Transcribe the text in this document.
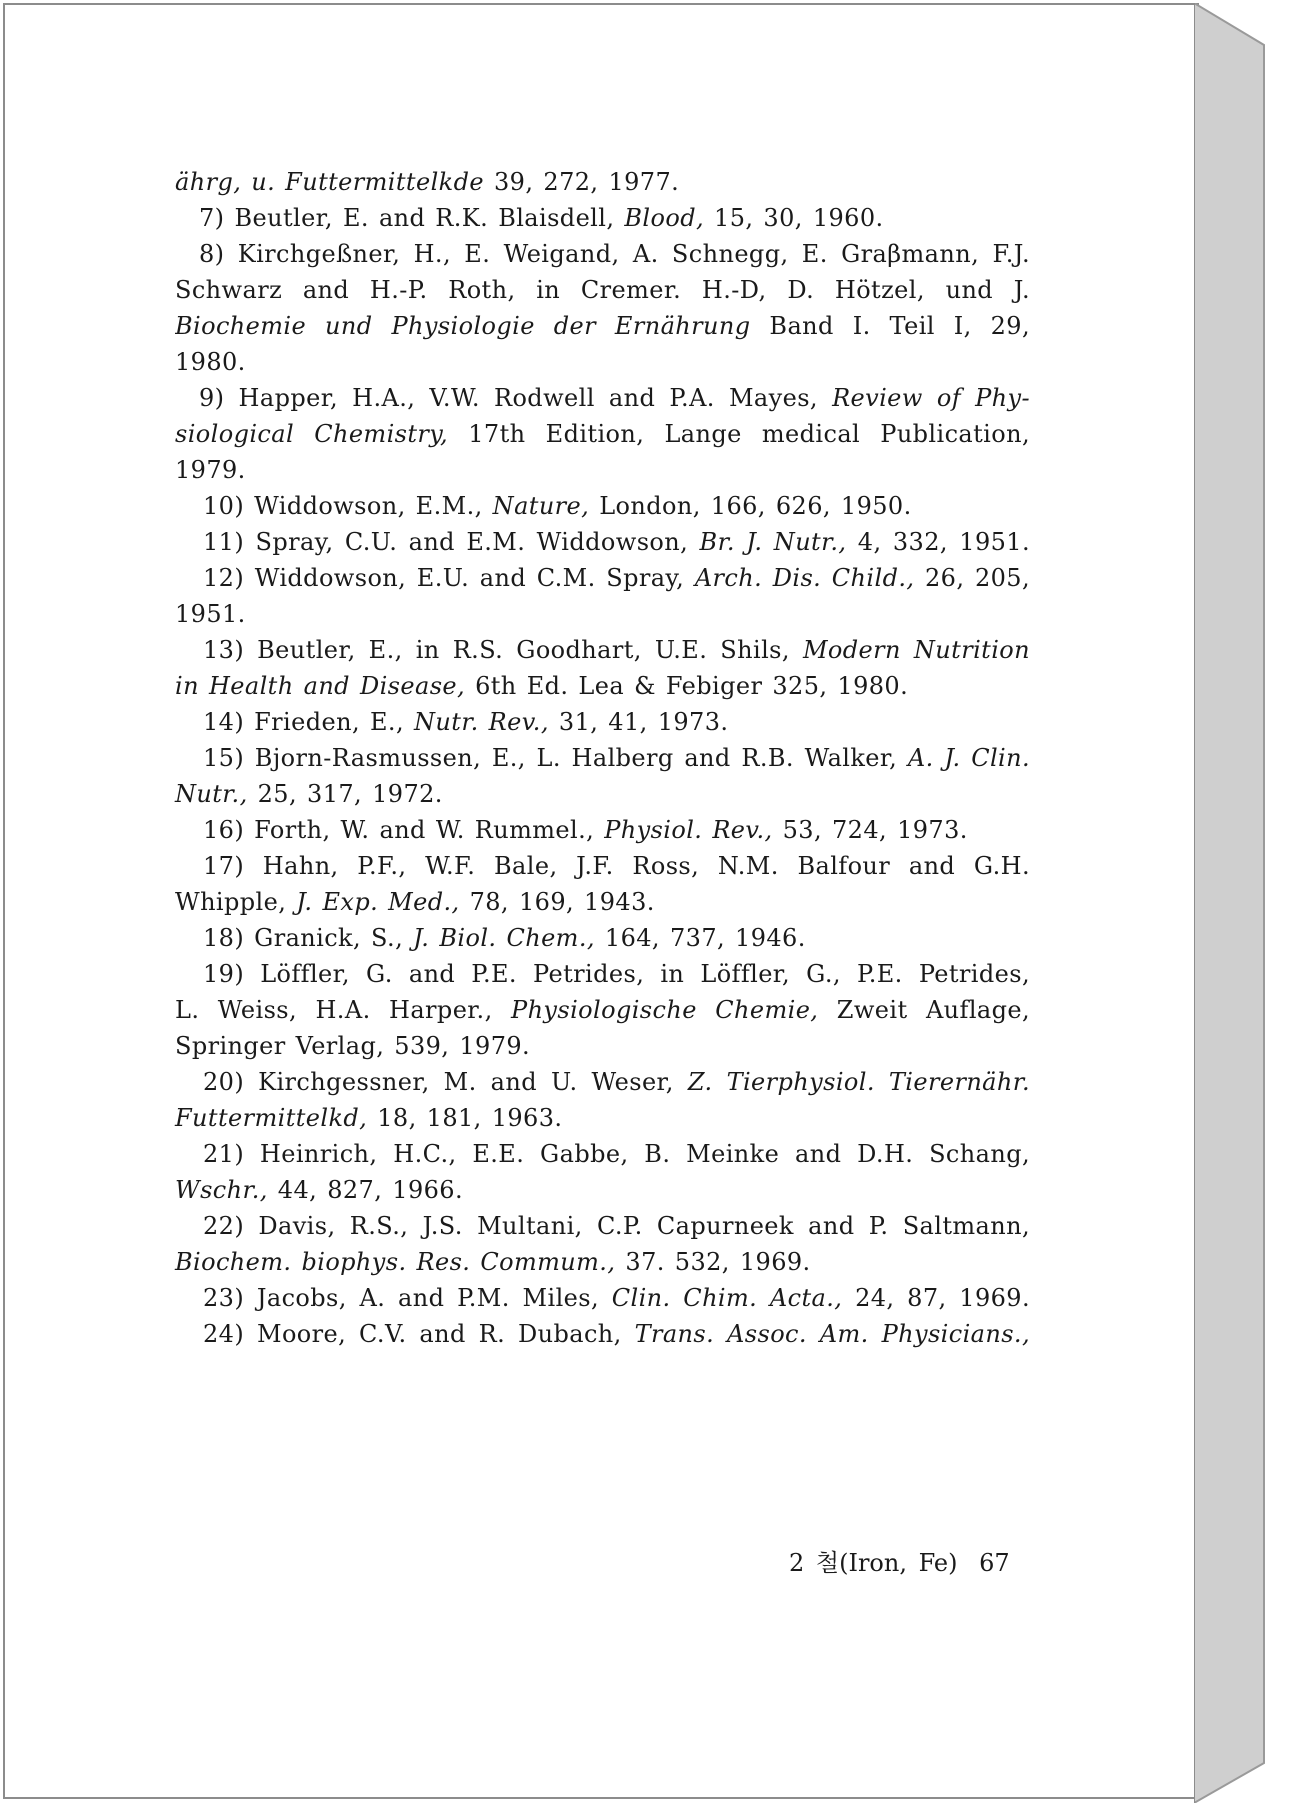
ährg, u. Futtermittelkde 39, 272, 1977.
7) Beutler, E. and R.K. Blaisdell, Blood, 15, 30, 1960.
8) Kirchgeßner, H., E. Weigand, A. Schnegg, E. Graβmann, F.J.
Schwarz and H.-P. Roth, in Cremer. H.-D, D. Hötzel, und J.
Biochemie und Physiologie der Ernährung Band I. Teil I, 29,
1980.
9) Happer, H.A., V.W. Rodwell and P.A. Mayes, Review of Phy-
siological Chemistry, 17th Edition, Lange medical Publication,
1979.
10) Widdowson, E.M., Nature, London, 166, 626, 1950.
11) Spray, C.U. and E.M. Widdowson, Br. J. Nutr., 4, 332, 1951.
12) Widdowson, E.U. and C.M. Spray, Arch. Dis. Child., 26, 205,
1951.
13) Beutler, E., in R.S. Goodhart, U.E. Shils, Modern Nutrition
in Health and Disease, 6th Ed. Lea & Febiger 325, 1980.
14) Frieden, E., Nutr. Rev., 31, 41, 1973.
15) Bjorn-Rasmussen, E., L. Halberg and R.B. Walker, A. J. Clin.
Nutr., 25, 317, 1972.
16) Forth, W. and W. Rummel., Physiol. Rev., 53, 724, 1973.
17) Hahn, P.F., W.F. Bale, J.F. Ross, N.M. Balfour and G.H.
Whipple, J. Exp. Med., 78, 169, 1943.
18) Granick, S., J. Biol. Chem., 164, 737, 1946.
19) Löffler, G. and P.E. Petrides, in Löffler, G., P.E. Petrides,
L. Weiss, H.A. Harper., Physiologische Chemie, Zweit Auflage,
Springer Verlag, 539, 1979.
20) Kirchgessner, M. and U. Weser, Z. Tierphysiol. Tierernähr.
Futtermittelkd, 18, 181, 1963.
21) Heinrich, H.C., E.E. Gabbe, B. Meinke and D.H. Schang,
Wschr., 44, 827, 1966.
22) Davis, R.S., J.S. Multani, C.P. Capurneek and P. Saltmann,
Biochem. biophys. Res. Commum., 37. 532, 1969.
23) Jacobs, A. and P.M. Miles, Clin. Chim. Acta., 24, 87, 1969.
24) Moore, C.V. and R. Dubach, Trans. Assoc. Am. Physicians.,
2 철(Iron, Fe) 67
